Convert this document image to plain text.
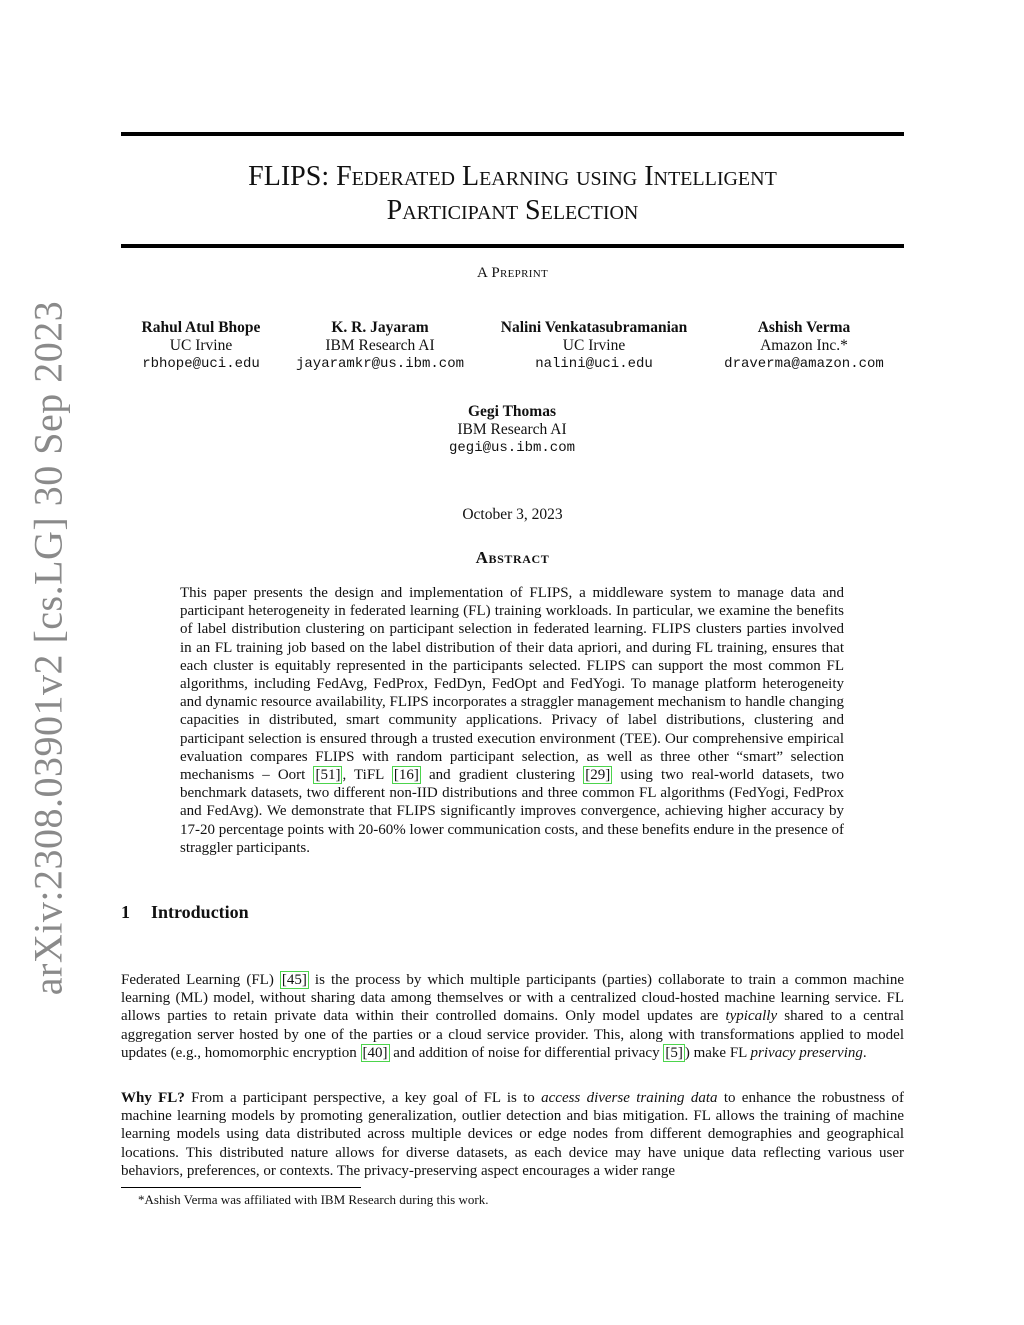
arXiv:2308.03901v2 [cs.LG] 30 Sep 2023
FLIPS: Federated Learning using Intelligent
Participant Selection
A Preprint
Rahul Atul Bhope
UC Irvine
rbhope@uci.edu
K. R. Jayaram
IBM Research AI
jayaramkr@us.ibm.com
Nalini Venkatasubramanian
UC Irvine
nalini@uci.edu
Ashish Verma
Amazon Inc.*
draverma@amazon.com
Gegi Thomas
IBM Research AI
gegi@us.ibm.com
October 3, 2023
Abstract
This paper presents the design and implementation of FLIPS, a middleware system to manage data and participant heterogeneity in federated learning (FL) training workloads. In particular, we examine the benefits of label distribution clustering on participant selection in federated learning. FLIPS clusters parties involved in an FL training job based on the label distribution of their data apriori, and during FL training, ensures that each cluster is equitably represented in the participants selected. FLIPS can support the most common FL algorithms, including FedAvg, FedProx, FedDyn, FedOpt and FedYogi. To manage platform heterogeneity and dynamic resource availability, FLIPS incorporates a straggler management mechanism to handle changing capacities in distributed, smart community applications. Privacy of label distributions, clustering and participant selection is ensured through a trusted execution environment (TEE). Our comprehensive empirical evaluation compares FLIPS with random participant selection, as well as three other “smart” selection mechanisms – Oort [51] , TiFL [16] and gradient clustering [29] using two real-world datasets, two benchmark datasets, two different non-IID distributions and three common FL algorithms (FedYogi, FedProx and FedAvg). We demonstrate that FLIPS significantly improves convergence, achieving higher accuracy by 17-20 percentage points with 20-60% lower communication costs, and these benefits endure in the presence of straggler participants.
1 Introduction
Federated Learning (FL) [45] is the process by which multiple participants (parties) collaborate to train a common machine learning (ML) model, without sharing data among themselves or with a centralized cloud-hosted machine learning service. FL allows parties to retain private data within their controlled domains. Only model updates are typically shared to a central aggregation server hosted by one of the parties or a cloud service provider. This, along with transformations applied to model updates (e.g., homomorphic encryption [40] and addition of noise for differential privacy [5] ) make FL privacy preserving.
Why FL? From a participant perspective, a key goal of FL is to access diverse training data to enhance the robustness of machine learning models by promoting generalization, outlier detection and bias mitigation. FL allows the training of machine learning models using data distributed across multiple devices or edge nodes from different demographies and geographical locations. This distributed nature allows for diverse datasets, as each device may have unique data reflecting various user behaviors, preferences, or contexts. The privacy-preserving aspect encourages a wider range
*Ashish Verma was affiliated with IBM Research during this work.
